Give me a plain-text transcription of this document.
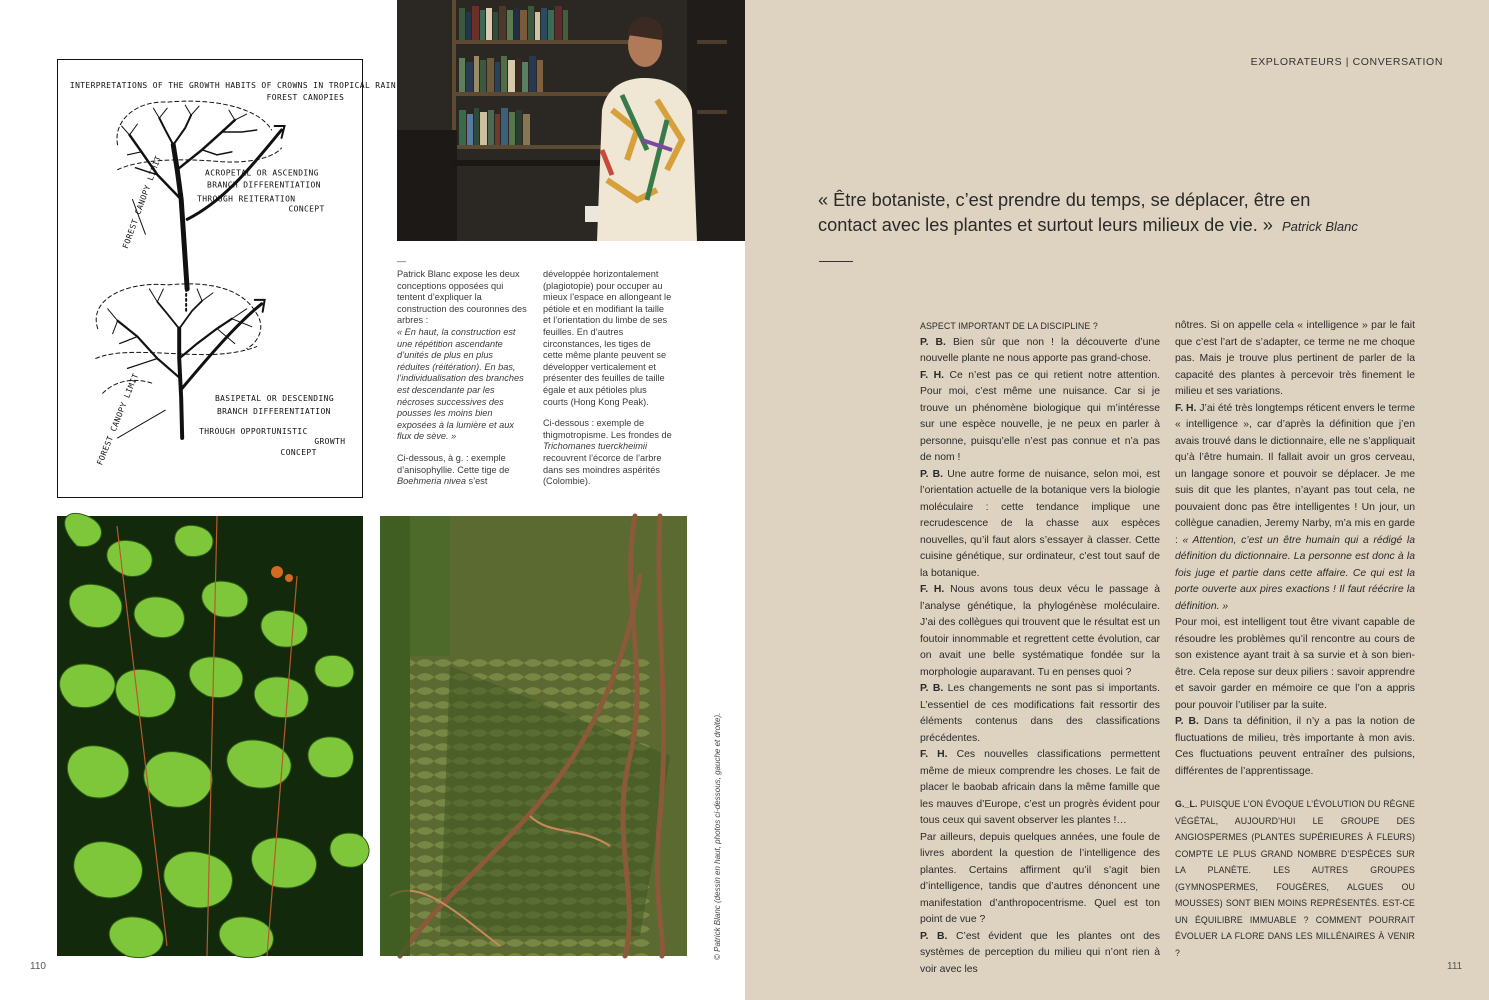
INTERPRETATIONS OF THE GROWTH HABITS OF CROWNS IN TROPICAL RAIN
FOREST CANOPIES
ACROPETAL OR ASCENDING
BRANCH DIFFERENTIATION
THROUGH REITERATION
CONCEPT
FOREST CANOPY LIMIT
BASIPETAL OR DESCENDING
BRANCH DIFFERENTIATION
THROUGH OPPORTUNISTIC
GROWTH
CONCEPT
FOREST CANOPY LIMIT
—

Patrick Blanc expose les deux conceptions opposées qui tentent d’expliquer la construction des couronnes des arbres :

« En haut, la construction est une répétition ascendante d’unités de plus en plus réduites (réitération). En bas, l’individualisation des branches est descendante par les nécroses successives des pousses les moins bien exposées à la lumière et aux flux de sève. »

Ci-dessous, à g. : exemple d’anisophyllie. Cette tige de Boehmeria nivea s’est

développée horizontalement (plagiotopie) pour occuper au mieux l’espace en allongeant le pétiole et en modifiant la taille et l’orientation du limbe de ses feuilles. En d’autres circonstances, les tiges de cette même plante peuvent se développer verticalement et présenter des feuilles de taille égale et aux pétioles plus courts (Hong Kong Peak).

Ci-dessous : exemple de thigmotropisme. Les frondes de Trichomanes tuerckheimii recouvrent l’écorce de l’arbre dans ses moindres aspérités (Colombie).

© Patrick Blanc (dessin en haut, photos ci-dessous, gauche et droite).
110
EXPLORATEURS | CONVERSATION
« Être botaniste, c’est prendre du temps, se déplacer, être en
contact avec les plantes et surtout leurs milieux de vie. » Patrick Blanc

ASPECT IMPORTANT DE LA DISCIPLINE ?

P. B. Bien sûr que non ! la découverte d’une nouvelle plante ne nous apporte pas grand-chose.

F. H. Ce n’est pas ce qui retient notre attention. Pour moi, c’est même une nuisance. Car si je trouve un phénomène biologique qui m’intéresse sur une espèce nouvelle, je ne peux en parler à personne, puisqu’elle n’est pas connue et n’a pas de nom !

P. B. Une autre forme de nuisance, selon moi, est l’orientation actuelle de la botanique vers la biologie moléculaire : cette tendance implique une recrudescence de la chasse aux espèces nouvelles, qu’il faut alors s’essayer à classer. Cette cuisine génétique, sur ordinateur, c’est tout sauf de la botanique.

F. H. Nous avons tous deux vécu le passage à l’analyse génétique, la phylogénèse moléculaire. J’ai des collègues qui trouvent que le résultat est un foutoir innommable et regrettent cette évolution, car on avait une belle systématique fondée sur la morphologie auparavant. Tu en penses quoi ?

P. B. Les changements ne sont pas si importants. L’essentiel de ces modifications fait ressortir des éléments contenus dans des classifications précédentes.

F. H. Ces nouvelles classifications permettent même de mieux comprendre les choses. Le fait de placer le baobab africain dans la même famille que les mauves d’Europe, c’est un progrès évident pour tous ceux qui savent observer les plantes !…

Par ailleurs, depuis quelques années, une foule de livres abordent la question de l’intelligence des plantes. Certains affirment qu’il s’agit bien d’intelligence, tandis que d’autres dénoncent une manifestation d’anthropocentrisme. Quel est ton point de vue ?

P. B. C’est évident que les plantes ont des systèmes de perception du milieu qui n’ont rien à voir avec les

nôtres. Si on appelle cela « intelligence » par le fait que c’est l’art de s’adapter, ce terme ne me choque pas. Mais je trouve plus pertinent de parler de la capacité des plantes à percevoir très finement le milieu et ses variations.

F. H. J’ai été très longtemps réticent envers le terme « intelligence », car d’après la définition que j’en avais trouvé dans le dictionnaire, elle ne s’appliquait qu’à l’être humain. Il fallait avoir un gros cerveau, un langage sonore et pouvoir se déplacer. Je me suis dit que les plantes, n’ayant pas tout cela, ne pouvaient donc pas être intelligentes ! Un jour, un collègue canadien, Jeremy Narby, m’a mis en garde : « Attention, c’est un être humain qui a rédigé la définition du dictionnaire. La personne est donc à la fois juge et partie dans cette affaire. Ce qui est la porte ouverte aux pires exactions ! Il faut réécrire la définition. »

Pour moi, est intelligent tout être vivant capable de résoudre les problèmes qu’il rencontre au cours de son existence ayant trait à sa survie et à son bien-être. Cela repose sur deux piliers : savoir apprendre et savoir garder en mémoire ce que l’on a appris pour pouvoir l’utiliser par la suite.

P. B. Dans ta définition, il n’y a pas la notion de fluctuations de milieu, très importante à mon avis. Ces fluctuations peuvent entraîner des pulsions, différentes de l’apprentissage.

G._L. PUISQUE L’ON ÉVOQUE L’ÉVOLUTION DU RÈGNE VÉGÉTAL, AUJOURD’HUI LE GROUPE DES ANGIOSPERMES (PLANTES SUPÉRIEURES À FLEURS) COMPTE LE PLUS GRAND NOMBRE D’ESPÈCES SUR LA PLANÈTE. LES AUTRES GROUPES (GYMNOSPERMES, FOUGÈRES, ALGUES OU MOUSSES) SONT BIEN MOINS REPRÉSENTÉS. EST-CE UN ÉQUILIBRE IMMUABLE ? COMMENT POURRAIT ÉVOLUER LA FLORE DANS LES MILLÉNAIRES À VENIR ?

111
